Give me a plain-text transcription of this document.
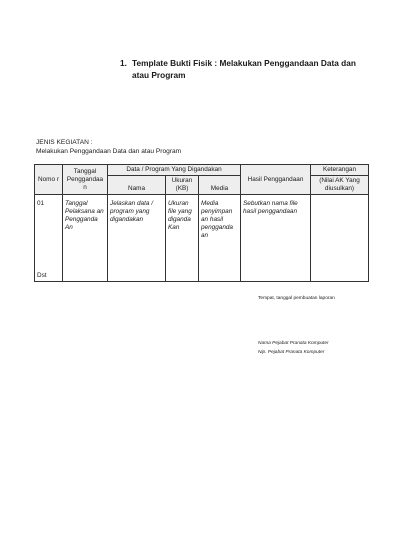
1. Template Bukti Fisik : Melakukan Penggandaan Data dan
atau Program
JENIS KEGIATAN :
Melakukan Penggandaan Data dan atau Program
Nomo r	Tanggal Penggandaa n	Data / Program Yang Digandakan			Hasil Penggandaan	Keterangan
		Nama	Ukuran (KB)	Media		(Nilai AK Yang diusulkan)
01	Tanggal Pelaksana an Pengganda An	Jelaskan data / program yang digandakan	Ukuran file yang digandа Kan	Media penyimpan an hasil pengganda an	Sebutkan nama file hasil penggandaan	
Dst						
Tempat, tanggal pembuatan laporan
Nama Pejabat Pranata Komputer
Nip. Pejabat Pranata Komputer
